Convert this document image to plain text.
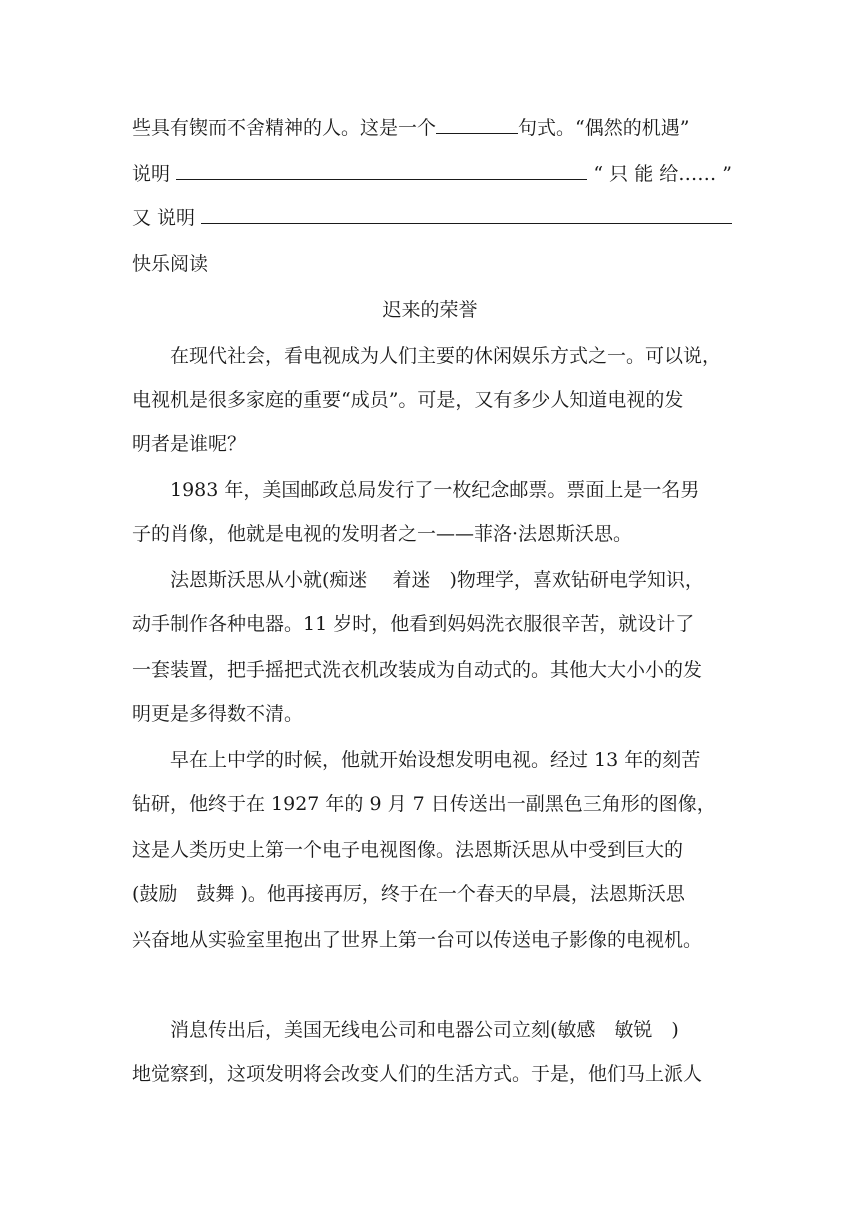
些具有锲而不舍精神的人。这是一个	句式。“偶然的机遇”
说明	“ 只 能 给…… ”
又 说明
快乐阅读
迟来的荣誉
在现代社会，看电视成为人们主要的休闲娱乐方式之一。可以说，
电视机是很多家庭的重要“成员”。可是，又有多少人知道电视的发
明者是谁呢？
1983 年，美国邮政总局发行了一枚纪念邮票。票面上是一名男
子的肖像，他就是电视的发明者之一——菲洛·法恩斯沃思。
法恩斯沃思从小就(痴迷　 着迷　)物理学，喜欢钻研电学知识，
动手制作各种电器。11 岁时，他看到妈妈洗衣服很辛苦，就设计了
一套装置，把手摇把式洗衣机改装成为自动式的。其他大大小小的发
明更是多得数不清。
早在上中学的时候，他就开始设想发明电视。经过 13 年的刻苦
钻研，他终于在 1927 年的 9 月 7 日传送出一副黑色三角形的图像，
这是人类历史上第一个电子电视图像。法恩斯沃思从中受到巨大的
(鼓励　鼓舞 )。他再接再厉，终于在一个春天的早晨，法恩斯沃思
兴奋地从实验室里抱出了世界上第一台可以传送电子影像的电视机。
消息传出后，美国无线电公司和电器公司立刻(敏感　敏锐　)
地觉察到，这项发明将会改变人们的生活方式。于是，他们马上派人
